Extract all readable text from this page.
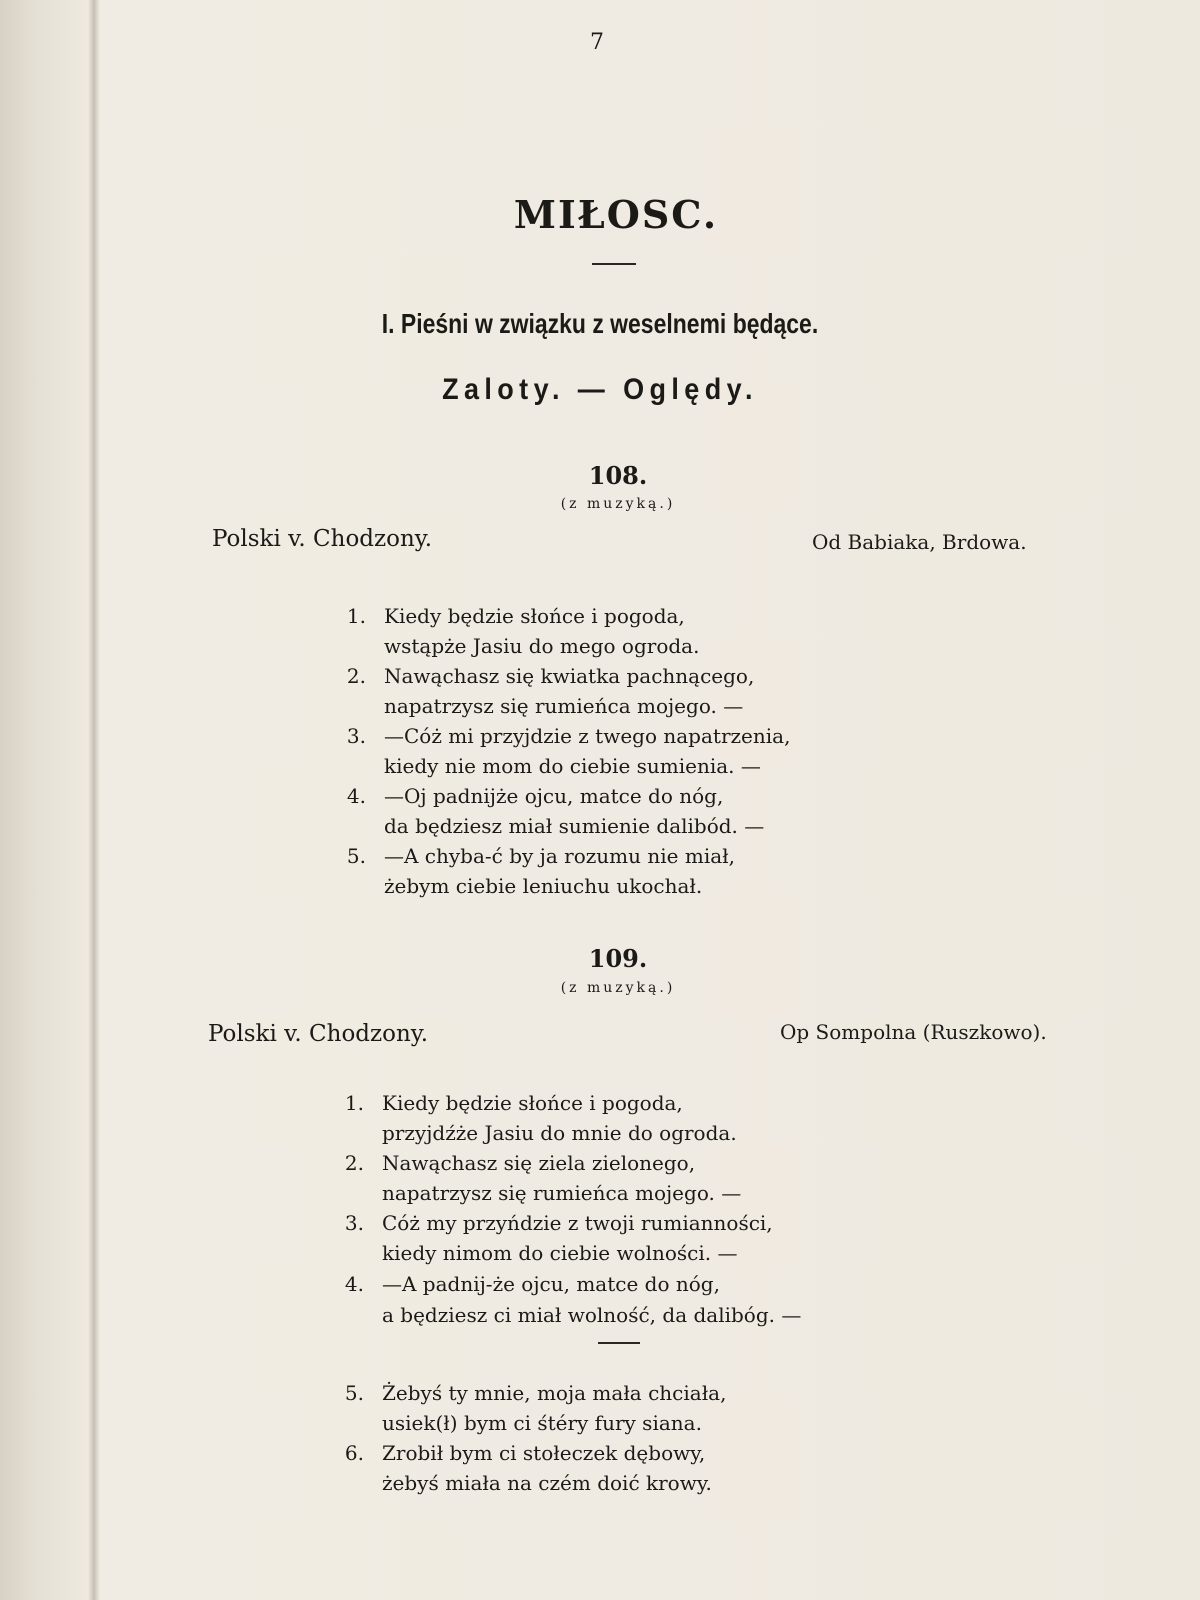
7
MIŁOSC.
I. Pieśni w związku z weselnemi będące.
Zaloty. — Oględy.
108.
(z muzyką.)
Polski v. Chodzony.	Od Babiaka, Brdowa.
1. Kiedy będzie słońce i pogoda,
wstąpże Jasiu do mego ogroda.
2. Nawąchasz się kwiatka pachnącego,
napatrzysz się rumieńca mojego. —
3. —Cóż mi przyjdzie z twego napatrzenia,
kiedy nie mom do ciebie sumienia. —
4. —Oj padnijże ojcu, matce do nóg,
da będziesz miał sumienie dalibód. —
5. —A chyba-ć by ja rozumu nie miał,
żebym ciebie leniuchu ukochał.
109.
(z muzyką.)
Polski v. Chodzony.	Op Sompolna (Ruszkowo).
1. Kiedy będzie słońce i pogoda,
przyjdźże Jasiu do mnie do ogroda.
2. Nawąchasz się ziela zielonego,
napatrzysz się rumieńca mojego. —
3. Cóż my przyńdzie z twoji rumianności,
kiedy nimom do ciebie wolności. —
4. —A padnij-że ojcu, matce do nóg,
a będziesz ci miał wolność, da dalibóg. —
5. Żebyś ty mnie, moja mała chciała,
usiek(ł) bym ci śtéry fury siana.
6. Zrobił bym ci stołeczek dębowy,
żebyś miała na czém doić krowy.
